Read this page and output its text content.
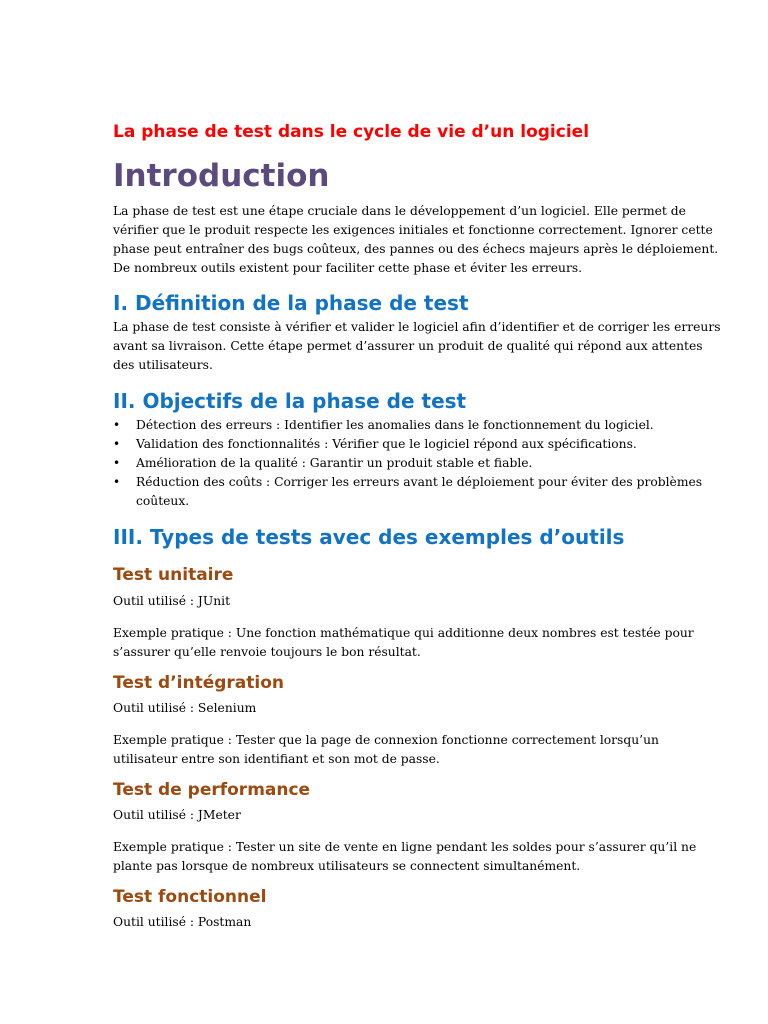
La phase de test dans le cycle de vie d’un logiciel
Introduction

La phase de test est une étape cruciale dans le développement d’un logiciel. Elle permet de vérifier que le produit respecte les exigences initiales et fonctionne correctement. Ignorer cette phase peut entraîner des bugs coûteux, des pannes ou des échecs majeurs après le déploiement. De nombreux outils existent pour faciliter cette phase et éviter les erreurs.

I. Définition de la phase de test

La phase de test consiste à vérifier et valider le logiciel afin d’identifier et de corriger les erreurs avant sa livraison. Cette étape permet d’assurer un produit de qualité qui répond aux attentes des utilisateurs.

II. Objectifs de la phase de test
• Détection des erreurs : Identifier les anomalies dans le fonctionnement du logiciel.
• Validation des fonctionnalités : Vérifier que le logiciel répond aux spécifications.
• Amélioration de la qualité : Garantir un produit stable et fiable.
• Réduction des coûts : Corriger les erreurs avant le déploiement pour éviter des problèmes coûteux.
III. Types de tests avec des exemples d’outils
Test unitaire

Outil utilisé : JUnit

Exemple pratique : Une fonction mathématique qui additionne deux nombres est testée pour s’assurer qu’elle renvoie toujours le bon résultat.

Test d’intégration

Outil utilisé : Selenium

Exemple pratique : Tester que la page de connexion fonctionne correctement lorsqu’un utilisateur entre son identifiant et son mot de passe.

Test de performance

Outil utilisé : JMeter

Exemple pratique : Tester un site de vente en ligne pendant les soldes pour s’assurer qu’il ne plante pas lorsque de nombreux utilisateurs se connectent simultanément.

Test fonctionnel

Outil utilisé : Postman
